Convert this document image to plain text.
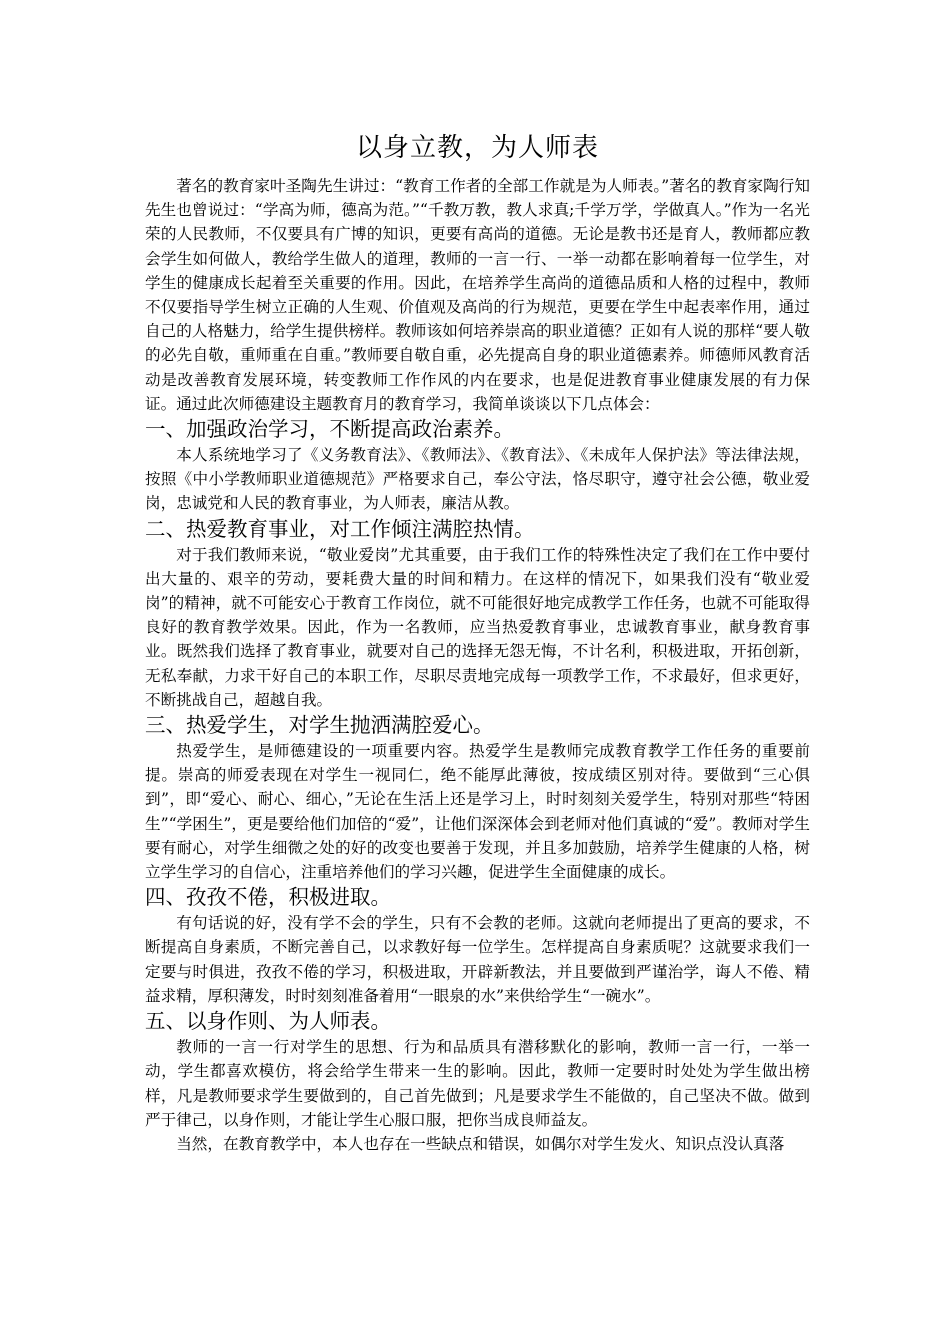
以身立教，为人师表

著名的教育家叶圣陶先生讲过：“教育工作者的全部工作就是为人师表。”著名的教育家陶行知先生也曾说过：“学高为师，德高为范。”“千教万教，教人求真;千学万学，学做真人。”作为一名光荣的人民教师，不仅要具有广博的知识，更要有高尚的道德。无论是教书还是育人，教师都应教会学生如何做人，教给学生做人的道理，教师的一言一行、一举一动都在影响着每一位学生，对学生的健康成长起着至关重要的作用。因此，在培养学生高尚的道德品质和人格的过程中，教师不仅要指导学生树立正确的人生观、价值观及高尚的行为规范，更要在学生中起表率作用，通过自己的人格魅力，给学生提供榜样。教师该如何培养崇高的职业道德？正如有人说的那样“要人敬的必先自敬，重师重在自重。”教师要自敬自重，必先提高自身的职业道德素养。师德师风教育活动是改善教育发展环境，转变教师工作作风的内在要求，也是促进教育事业健康发展的有力保证。通过此次师德建设主题教育月的教育学习，我简单谈谈以下几点体会：

一、加强政治学习，不断提高政治素养。

本人系统地学习了《义务教育法》、《教师法》、《教育法》、《未成年人保护法》等法律法规，按照《中小学教师职业道德规范》严格要求自己，奉公守法，恪尽职守，遵守社会公德，敬业爱岗，忠诚党和人民的教育事业，为人师表，廉洁从教。

二、热爱教育事业，对工作倾注满腔热情。

对于我们教师来说，“敬业爱岗”尤其重要，由于我们工作的特殊性决定了我们在工作中要付出大量的、艰辛的劳动，要耗费大量的时间和精力。在这样的情况下，如果我们没有“敬业爱岗”的精神，就不可能安心于教育工作岗位，就不可能很好地完成教学工作任务，也就不可能取得良好的教育教学效果。因此，作为一名教师，应当热爱教育事业，忠诚教育事业，献身教育事业。既然我们选择了教育事业，就要对自己的选择无怨无悔，不计名利，积极进取，开拓创新，无私奉献，力求干好自己的本职工作，尽职尽责地完成每一项教学工作，不求最好，但求更好，不断挑战自己，超越自我。

三、热爱学生，对学生抛洒满腔爱心。

热爱学生，是师德建设的一项重要内容。热爱学生是教师完成教育教学工作任务的重要前提。崇高的师爱表现在对学生一视同仁，绝不能厚此薄彼，按成绩区别对待。要做到“三心俱到”，即“爱心、耐心、细心，”无论在生活上还是学习上，时时刻刻关爱学生，特别对那些“特困生”“学困生”，更是要给他们加倍的“爱”，让他们深深体会到老师对他们真诚的“爱”。教师对学生要有耐心，对学生细微之处的好的改变也要善于发现，并且多加鼓励，培养学生健康的人格，树立学生学习的自信心，注重培养他们的学习兴趣，促进学生全面健康的成长。

四、孜孜不倦，积极进取。

有句话说的好，没有学不会的学生，只有不会教的老师。这就向老师提出了更高的要求，不断提高自身素质，不断完善自己，以求教好每一位学生。怎样提高自身素质呢？这就要求我们一定要与时俱进，孜孜不倦的学习，积极进取，开辟新教法，并且要做到严谨治学，诲人不倦、精益求精，厚积薄发，时时刻刻准备着用“一眼泉的水”来供给学生“一碗水”。

五、以身作则、为人师表。

教师的一言一行对学生的思想、行为和品质具有潜移默化的影响，教师一言一行，一举一动，学生都喜欢模仿，将会给学生带来一生的影响。因此，教师一定要时时处处为学生做出榜样，凡是教师要求学生要做到的，自己首先做到；凡是要求学生不能做的，自己坚决不做。做到严于律己，以身作则，才能让学生心服口服，把你当成良师益友。

当然，在教育教学中，本人也存在一些缺点和错误，如偶尔对学生发火、知识点没认真落
